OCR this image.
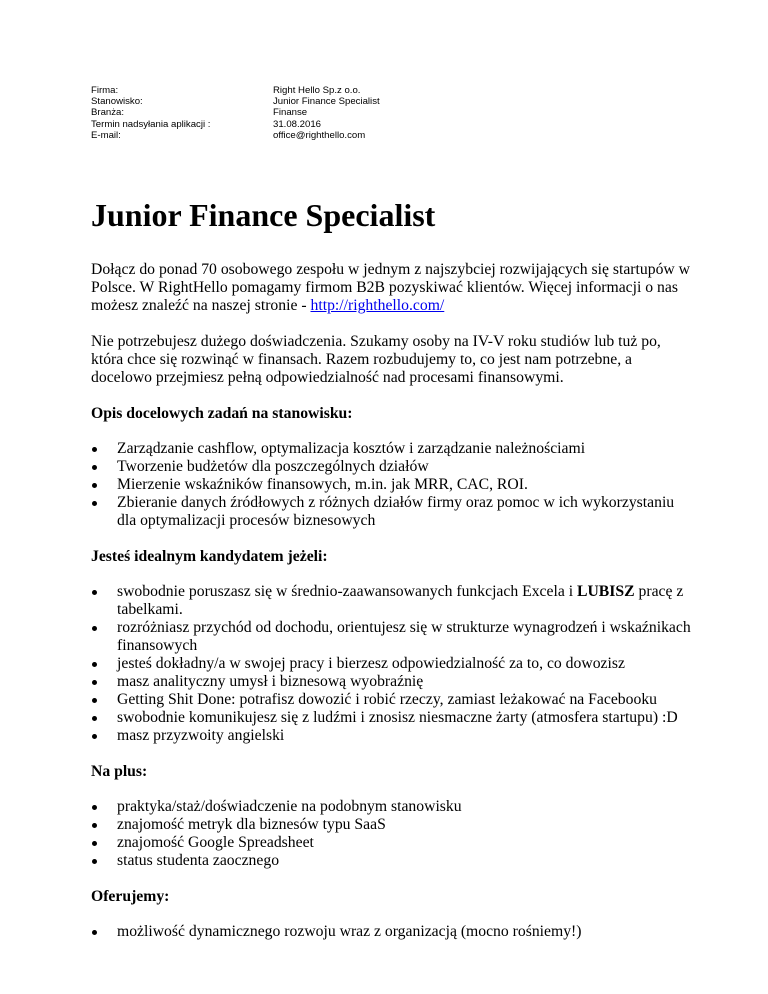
Firma:	Right Hello Sp.z o.o.
Stanowisko:	Junior Finance Specialist
Branża:	Finanse
Termin nadsyłania aplikacji :	31.08.2016
E-mail:	office@righthello.com
Junior Finance Specialist

Dołącz do ponad 70 osobowego zespołu w jednym z najszybciej rozwijających się startupów w Polsce. W RightHello pomagamy firmom B2B pozyskiwać klientów. Więcej informacji o nas możesz znaleźć na naszej stronie - http://righthello.com/

Nie potrzebujesz dużego doświadczenia. Szukamy osoby na IV-V roku studiów lub tuż po, która chce się rozwinąć w finansach. Razem rozbudujemy to, co jest nam potrzebne, a docelowo przejmiesz pełną odpowiedzialność nad procesami finansowymi.

Opis docelowych zadań na stanowisku:
Zarządzanie cashflow, optymalizacja kosztów i zarządzanie należnościami
Tworzenie budżetów dla poszczególnych działów
Mierzenie wskaźników finansowych, m.in. jak MRR, CAC, ROI.
Zbieranie danych źródłowych z różnych działów firmy oraz pomoc w ich wykorzystaniu dla optymalizacji procesów biznesowych
Jesteś idealnym kandydatem jeżeli:
swobodnie poruszasz się w średnio-zaawansowanych funkcjach Excela i LUBISZ pracę z tabelkami.
rozróżniasz przychód od dochodu, orientujesz się w strukturze wynagrodzeń i wskaźnikach finansowych
jesteś dokładny/a w swojej pracy i bierzesz odpowiedzialność za to, co dowozisz
masz analityczny umysł i biznesową wyobraźnię
Getting Shit Done: potrafisz dowozić i robić rzeczy, zamiast leżakować na Facebooku
swobodnie komunikujesz się z ludźmi i znosisz niesmaczne żarty (atmosfera startupu) :D
masz przyzwoity angielski
Na plus:
praktyka/staż/doświadczenie na podobnym stanowisku
znajomość metryk dla biznesów typu SaaS
znajomość Google Spreadsheet
status studenta zaocznego
Oferujemy:
możliwość dynamicznego rozwoju wraz z organizacją (mocno rośniemy!)
